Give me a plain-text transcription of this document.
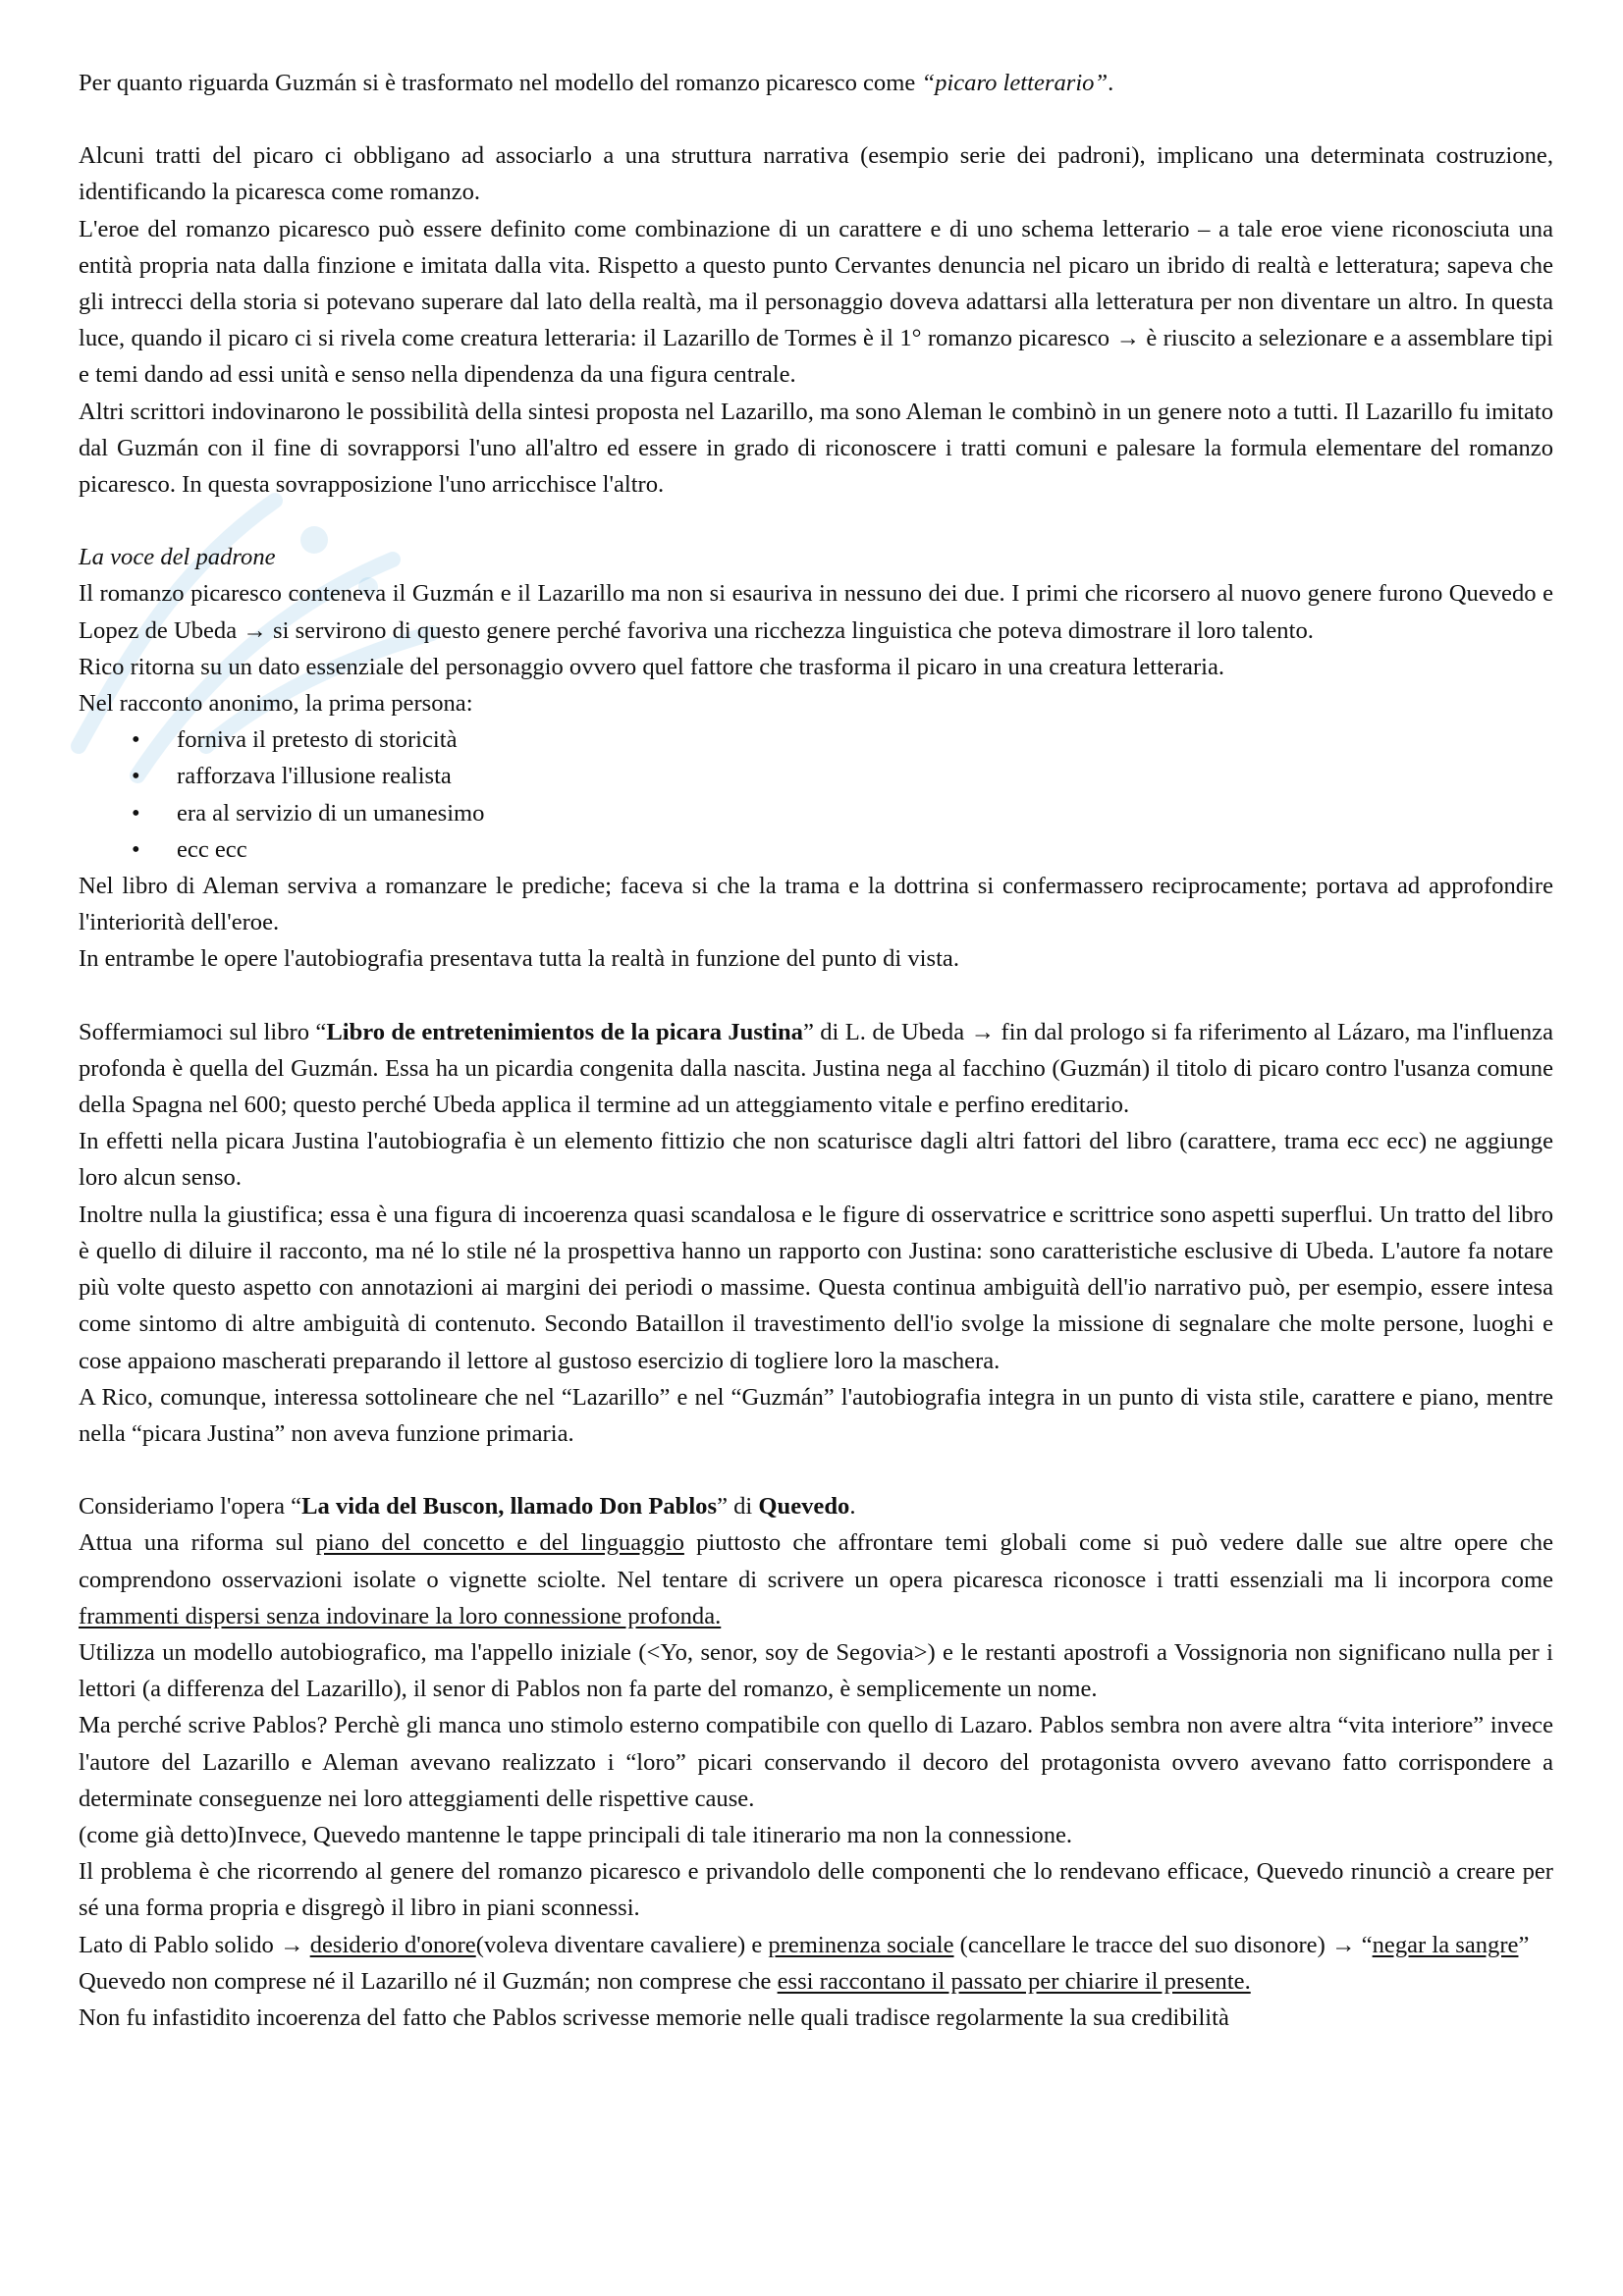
Per quanto riguarda Guzmán si è trasformato nel modello del romanzo picaresco come “picaro letterario”.

Alcuni tratti del picaro ci obbligano ad associarlo a una struttura narrativa (esempio serie dei padroni), implicano una determinata costruzione, identificando la picaresca come romanzo.

L'eroe del romanzo picaresco può essere definito come combinazione di un carattere e di uno schema letterario – a tale eroe viene riconosciuta una entità propria nata dalla finzione e imitata dalla vita. Rispetto a questo punto Cervantes denuncia nel picaro un ibrido di realtà e letteratura; sapeva che gli intrecci della storia si potevano superare dal lato della realtà, ma il personaggio doveva adattarsi alla letteratura per non diventare un altro. In questa luce, quando il picaro ci si rivela come creatura letteraria: il Lazarillo de Tormes è il 1° romanzo picaresco → è riuscito a selezionare e a assemblare tipi e temi dando ad essi unità e senso nella dipendenza da una figura centrale.

Altri scrittori indovinarono le possibilità della sintesi proposta nel Lazarillo, ma sono Aleman le combinò in un genere noto a tutti. Il Lazarillo fu imitato dal Guzmán con il fine di sovrapporsi l'uno all'altro ed essere in grado di riconoscere i tratti comuni e palesare la formula elementare del romanzo picaresco. In questa sovrapposizione l'uno arricchisce l'altro.

La voce del padrone

Il romanzo picaresco conteneva il Guzmán e il Lazarillo ma non si esauriva in nessuno dei due. I primi che ricorsero al nuovo genere furono Quevedo e Lopez de Ubeda → si servirono di questo genere perché favoriva una ricchezza linguistica che poteva dimostrare il loro talento.

Rico ritorna su un dato essenziale del personaggio ovvero quel fattore che trasforma il picaro in una creatura letteraria.

Nel racconto anonimo, la prima persona:

• forniva il pretesto di storicità
• rafforzava l'illusione realista
• era al servizio di un umanesimo
• ecc ecc

Nel libro di Aleman serviva a romanzare le prediche; faceva si che la trama e la dottrina si confermassero reciprocamente; portava ad approfondire l'interiorità dell'eroe.

In entrambe le opere l'autobiografia presentava tutta la realtà in funzione del punto di vista.

Soffermiamoci sul libro “Libro de entretenimientos de la picara Justina” di L. de Ubeda → fin dal prologo si fa riferimento al Lázaro, ma l'influenza profonda è quella del Guzmán. Essa ha un picardia congenita dalla nascita. Justina nega al facchino (Guzmán) il titolo di picaro contro l'usanza comune della Spagna nel 600; questo perché Ubeda applica il termine ad un atteggiamento vitale e perfino ereditario.

In effetti nella picara Justina l'autobiografia è un elemento fittizio che non scaturisce dagli altri fattori del libro (carattere, trama ecc ecc) ne aggiunge loro alcun senso.

Inoltre nulla la giustifica; essa è una figura di incoerenza quasi scandalosa e le figure di osservatrice e scrittrice sono aspetti superflui. Un tratto del libro è quello di diluire il racconto, ma né lo stile né la prospettiva hanno un rapporto con Justina: sono caratteristiche esclusive di Ubeda. L'autore fa notare più volte questo aspetto con annotazioni ai margini dei periodi o massime. Questa continua ambiguità dell'io narrativo può, per esempio, essere intesa come sintomo di altre ambiguità di contenuto. Secondo Bataillon il travestimento dell'io svolge la missione di segnalare che molte persone, luoghi e cose appaiono mascherati preparando il lettore al gustoso esercizio di togliere loro la maschera.

A Rico, comunque, interessa sottolineare che nel “Lazarillo” e nel “Guzmán” l'autobiografia integra in un punto di vista stile, carattere e piano, mentre nella “picara Justina” non aveva funzione primaria.

Consideriamo l'opera “La vida del Buscon, llamado Don Pablos” di Quevedo.

Attua una riforma sul piano del concetto e del linguaggio piuttosto che affrontare temi globali come si può vedere dalle sue altre opere che comprendono osservazioni isolate o vignette sciolte. Nel tentare di scrivere un opera picaresca riconosce i tratti essenziali ma li incorpora come frammenti dispersi senza indovinare la loro connessione profonda.

Utilizza un modello autobiografico, ma l'appello iniziale (<Yo, senor, soy de Segovia>) e le restanti apostrofi a Vossignoria non significano nulla per i lettori (a differenza del Lazarillo), il senor di Pablos non fa parte del romanzo, è semplicemente un nome.

Ma perché scrive Pablos? Perchè gli manca uno stimolo esterno compatibile con quello di Lazaro. Pablos sembra non avere altra “vita interiore” invece l'autore del Lazarillo e Aleman avevano realizzato i “loro” picari conservando il decoro del protagonista ovvero avevano fatto corrispondere a determinate conseguenze nei loro atteggiamenti delle rispettive cause.

(come già detto)Invece, Quevedo mantenne le tappe principali di tale itinerario ma non la connessione.

Il problema è che ricorrendo al genere del romanzo picaresco e privandolo delle componenti che lo rendevano efficace, Quevedo rinunciò a creare per sé una forma propria e disgregò il libro in piani sconnessi.

Lato di Pablo solido → desiderio d'onore(voleva diventare cavaliere) e preminenza sociale (cancellare le tracce del suo disonore) → “negar la sangre”

Quevedo non comprese né il Lazarillo né il Guzmán; non comprese che essi raccontano il passato per chiarire il presente.

Non fu infastidito incoerenza del fatto che Pablos scrivesse memorie nelle quali tradisce regolarmente la sua credibilità
